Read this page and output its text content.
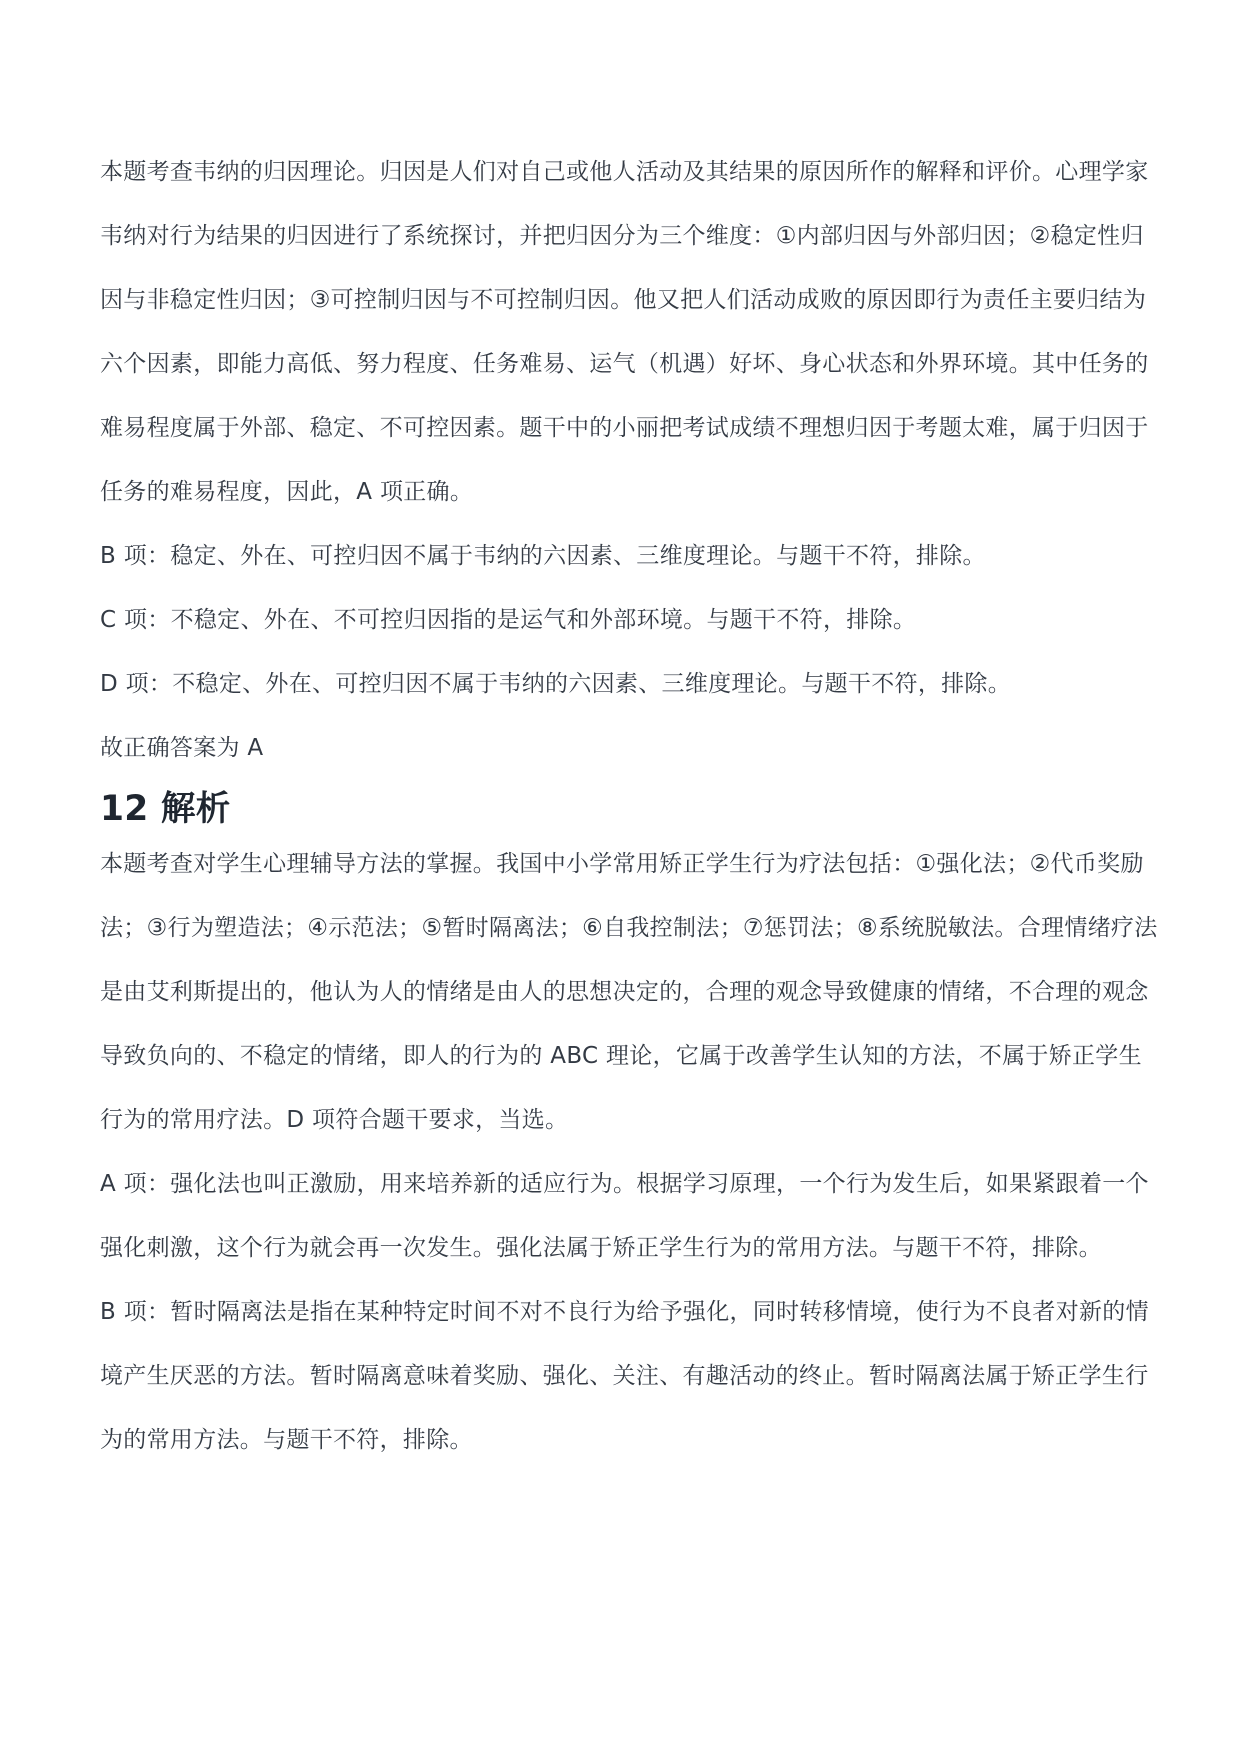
本题考查韦纳的归因理论。归因是人们对自己或他人活动及其结果的原因所作的解释和评价。心理学家韦纳对行为结果的归因进行了系统探讨，并把归因分为三个维度：①内部归因与外部归因；②稳定性归因与非稳定性归因；③可控制归因与不可控制归因。他又把人们活动成败的原因即行为责任主要归结为六个因素，即能力高低、努力程度、任务难易、运气（机遇）好坏、身心状态和外界环境。其中任务的难易程度属于外部、稳定、不可控因素。题干中的小丽把考试成绩不理想归因于考题太难，属于归因于任务的难易程度，因此，A 项正确。

B 项：稳定、外在、可控归因不属于韦纳的六因素、三维度理论。与题干不符，排除。

C 项：不稳定、外在、不可控归因指的是运气和外部环境。与题干不符，排除。

D 项：不稳定、外在、可控归因不属于韦纳的六因素、三维度理论。与题干不符，排除。

故正确答案为 A

12 解析

本题考查对学生心理辅导方法的掌握。我国中小学常用矫正学生行为疗法包括：①强化法；②代币奖励法；③行为塑造法；④示范法；⑤暂时隔离法；⑥自我控制法；⑦惩罚法；⑧系统脱敏法。合理情绪疗法是由艾利斯提出的，他认为人的情绪是由人的思想决定的，合理的观念导致健康的情绪，不合理的观念导致负向的、不稳定的情绪，即人的行为的 ABC 理论，它属于改善学生认知的方法，不属于矫正学生行为的常用疗法。D 项符合题干要求，当选。

A 项：强化法也叫正激励，用来培养新的适应行为。根据学习原理，一个行为发生后，如果紧跟着一个强化刺激，这个行为就会再一次发生。强化法属于矫正学生行为的常用方法。与题干不符，排除。

B 项：暂时隔离法是指在某种特定时间不对不良行为给予强化，同时转移情境，使行为不良者对新的情境产生厌恶的方法。暂时隔离意味着奖励、强化、关注、有趣活动的终止。暂时隔离法属于矫正学生行为的常用方法。与题干不符，排除。
